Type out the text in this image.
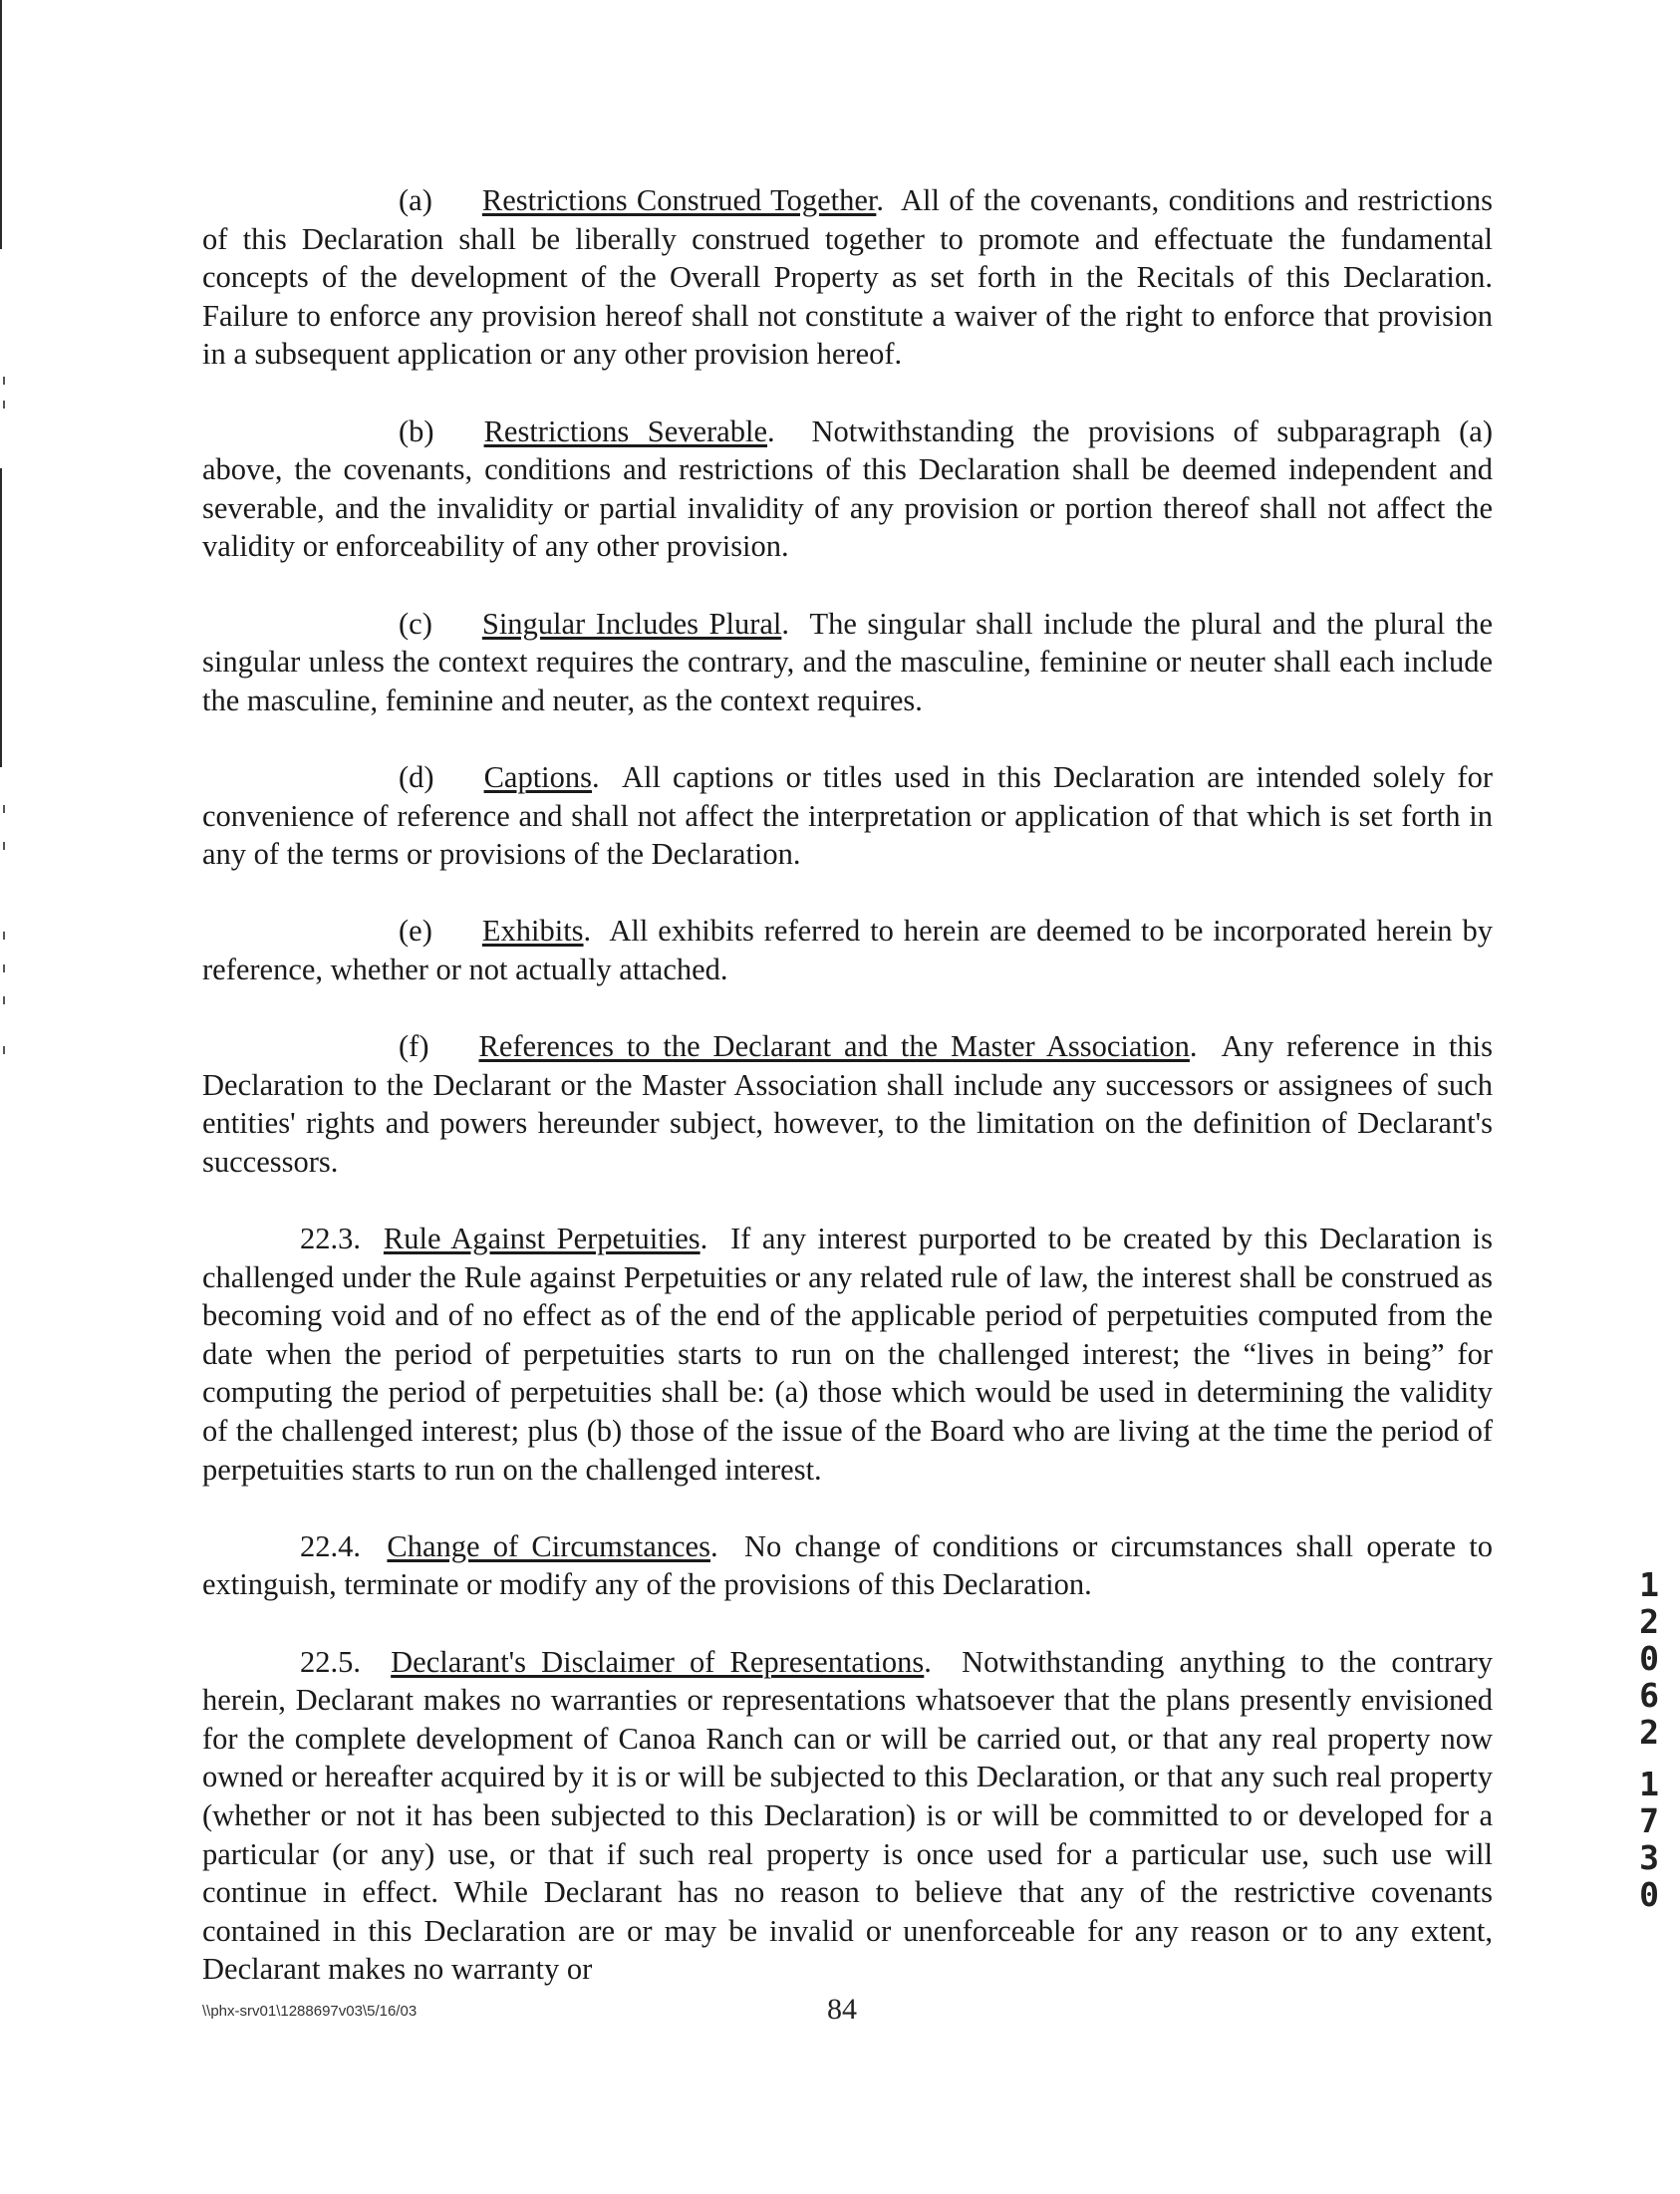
(a) Restrictions Construed Together.  All of the covenants, conditions and restrictions of this Declaration shall be liberally construed together to promote and effectuate the fundamental concepts of the development of the Overall Property as set forth in the Recitals of this Declaration. Failure to enforce any provision hereof shall not constitute a waiver of the right to enforce that provision in a subsequent application or any other provision hereof.

(b) Restrictions Severable.  Notwithstanding the provisions of subparagraph (a) above, the covenants, conditions and restrictions of this Declaration shall be deemed independent and severable, and the invalidity or partial invalidity of any provision or portion thereof shall not affect the validity or enforceability of any other provision.

(c) Singular Includes Plural.  The singular shall include the plural and the plural the singular unless the context requires the contrary, and the masculine, feminine or neuter shall each include the masculine, feminine and neuter, as the context requires.

(d) Captions.  All captions or titles used in this Declaration are intended solely for convenience of reference and shall not affect the interpretation or application of that which is set forth in any of the terms or provisions of the Declaration.

(e) Exhibits.  All exhibits referred to herein are deemed to be incorporated herein by reference, whether or not actually attached.

(f) References to the Declarant and the Master Association.  Any reference in this Declaration to the Declarant or the Master Association shall include any successors or assignees of such entities' rights and powers hereunder subject, however, to the limitation on the definition of Declarant's successors.

22.3. Rule Against Perpetuities.  If any interest purported to be created by this Declaration is challenged under the Rule against Perpetuities or any related rule of law, the interest shall be construed as becoming void and of no effect as of the end of the applicable period of perpetuities computed from the date when the period of perpetuities starts to run on the challenged interest; the “lives in being” for computing the period of perpetuities shall be: (a) those which would be used in determining the validity of the challenged interest; plus (b) those of the issue of the Board who are living at the time the period of perpetuities starts to run on the challenged interest.

22.4. Change of Circumstances.  No change of conditions or circumstances shall operate to extinguish, terminate or modify any of the provisions of this Declaration.

22.5. Declarant's Disclaimer of Representations.  Notwithstanding anything to the contrary herein, Declarant makes no warranties or representations whatsoever that the plans presently envisioned for the complete development of Canoa Ranch can or will be carried out, or that any real property now owned or hereafter acquired by it is or will be subjected to this Declaration, or that any such real property (whether or not it has been subjected to this Declaration) is or will be committed to or developed for a particular (or any) use, or that if such real property is once used for a particular use, such use will continue in effect. While Declarant has no reason to believe that any of the restrictive covenants contained in this Declaration are or may be invalid or unenforceable for any reason or to any extent, Declarant makes no warranty or

1
2
0
6
2
1
7
3
0
\\phx-srv01\1288697v03\5/16/03	84
